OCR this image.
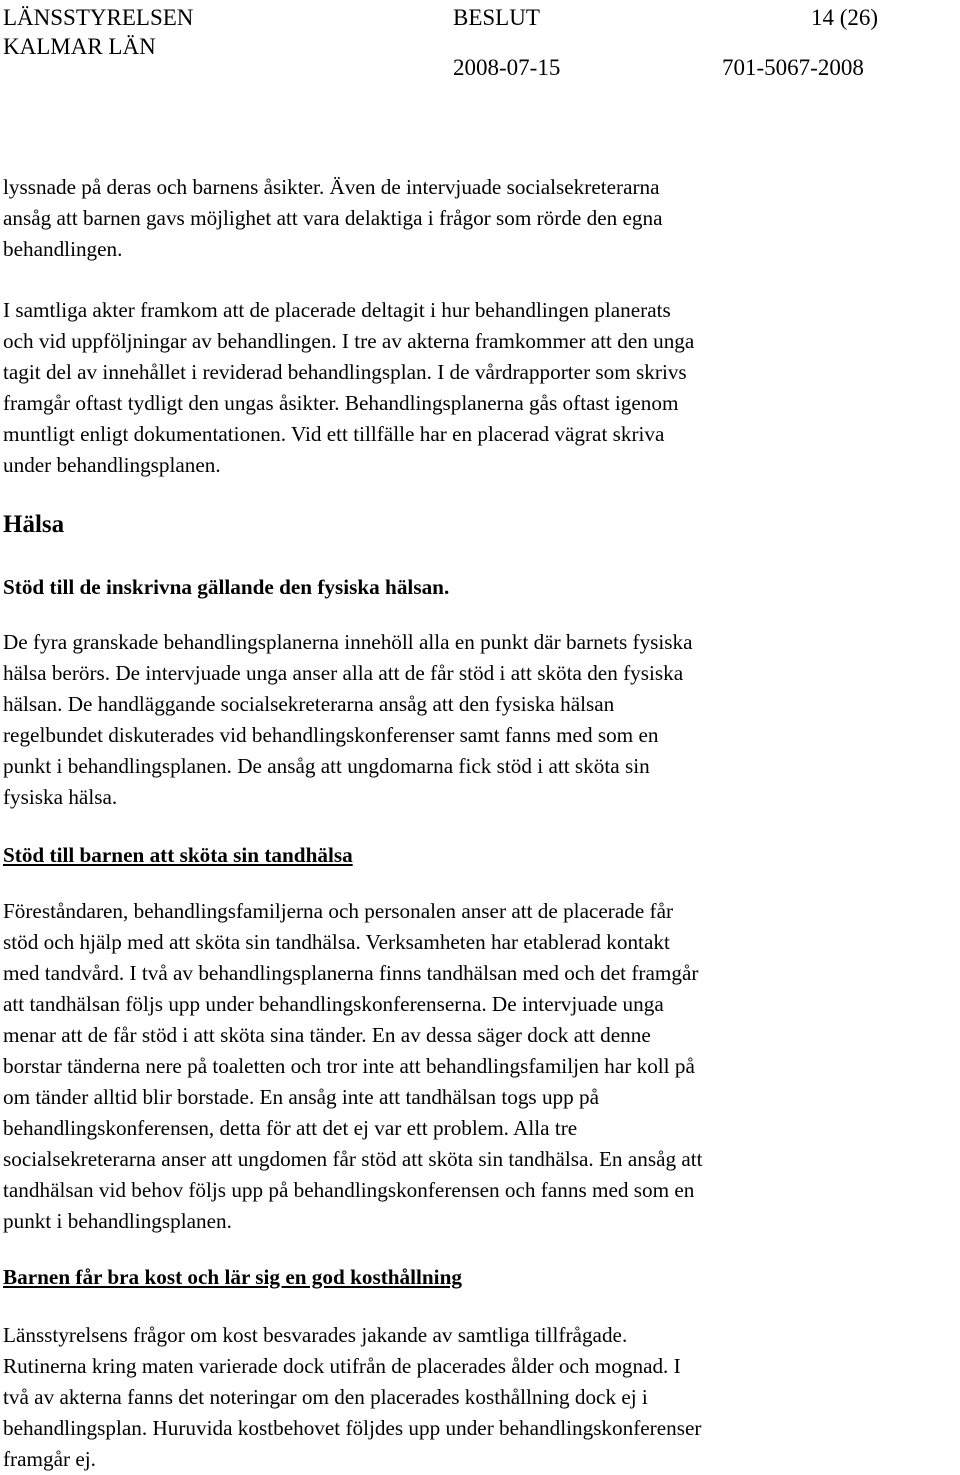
LÄNSSTYRELSEN
KALMAR LÄN
BESLUT
2008-07-15
14 (26)
701-5067-2008
lyssnade på deras och barnens åsikter. Även de intervjuade socialsekreterarna
ansåg att barnen gavs möjlighet att vara delaktiga i frågor som rörde den egna
behandlingen.
I samtliga akter framkom att de placerade deltagit i hur behandlingen planerats
och vid uppföljningar av behandlingen. I tre av akterna framkommer att den unga
tagit del av innehållet i reviderad behandlingsplan. I de vårdrapporter som skrivs
framgår oftast tydligt den ungas åsikter. Behandlingsplanerna gås oftast igenom
muntligt enligt dokumentationen. Vid ett tillfälle har en placerad vägrat skriva
under behandlingsplanen.
Hälsa
Stöd till de inskrivna gällande den fysiska hälsan.
De fyra granskade behandlingsplanerna innehöll alla en punkt där barnets fysiska
hälsa berörs. De intervjuade unga anser alla att de får stöd i att sköta den fysiska
hälsan. De handläggande socialsekreterarna ansåg att den fysiska hälsan
regelbundet diskuterades vid behandlingskonferenser samt fanns med som en
punkt i behandlingsplanen. De ansåg att ungdomarna fick stöd i att sköta sin
fysiska hälsa.
Stöd till barnen att sköta sin tandhälsa
Föreståndaren, behandlingsfamiljerna och personalen anser att de placerade får
stöd och hjälp med att sköta sin tandhälsa. Verksamheten har etablerad kontakt
med tandvård. I två av behandlingsplanerna finns tandhälsan med och det framgår
att tandhälsan följs upp under behandlingskonferenserna. De intervjuade unga
menar att de får stöd i att sköta sina tänder. En av dessa säger dock att denne
borstar tänderna nere på toaletten och tror inte att behandlingsfamiljen har koll på
om tänder alltid blir borstade. En ansåg inte att tandhälsan togs upp på
behandlingskonferensen, detta för att det ej var ett problem. Alla tre
socialsekreterarna anser att ungdomen får stöd att sköta sin tandhälsa. En ansåg att
tandhälsan vid behov följs upp på behandlingskonferensen och fanns med som en
punkt i behandlingsplanen.
Barnen får bra kost och lär sig en god kosthållning
Länsstyrelsens frågor om kost besvarades jakande av samtliga tillfrågade.
Rutinerna kring maten varierade dock utifrån de placerades ålder och mognad. I
två av akterna fanns det noteringar om den placerades kosthållning dock ej i
behandlingsplan. Huruvida kostbehovet följdes upp under behandlingskonferenser
framgår ej.
